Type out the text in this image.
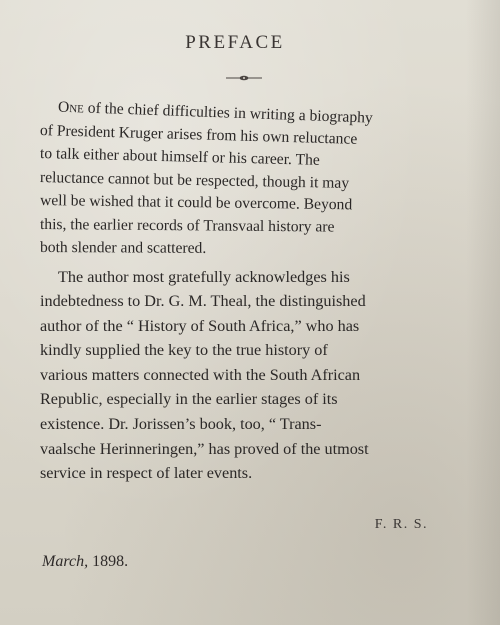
PREFACE

One of the chief difficulties in writing a biography
of President Kruger arises from his own reluctance
to talk either about himself or his career. The
reluctance cannot but be respected, though it may
well be wished that it could be overcome. Beyond
this, the earlier records of Transvaal history are
both slender and scattered.

The author most gratefully acknowledges his
indebtedness to Dr. G. M. Theal, the distinguished
author of the “ History of South Africa,” who has
kindly supplied the key to the true history of
various matters connected with the South African
Republic, especially in the earlier stages of its
existence. Dr. Jorissen’s book, too, “ Trans-
vaalsche Herinneringen,” has proved of the utmost
service in respect of later events.

F. R. S.
March, 1898.
